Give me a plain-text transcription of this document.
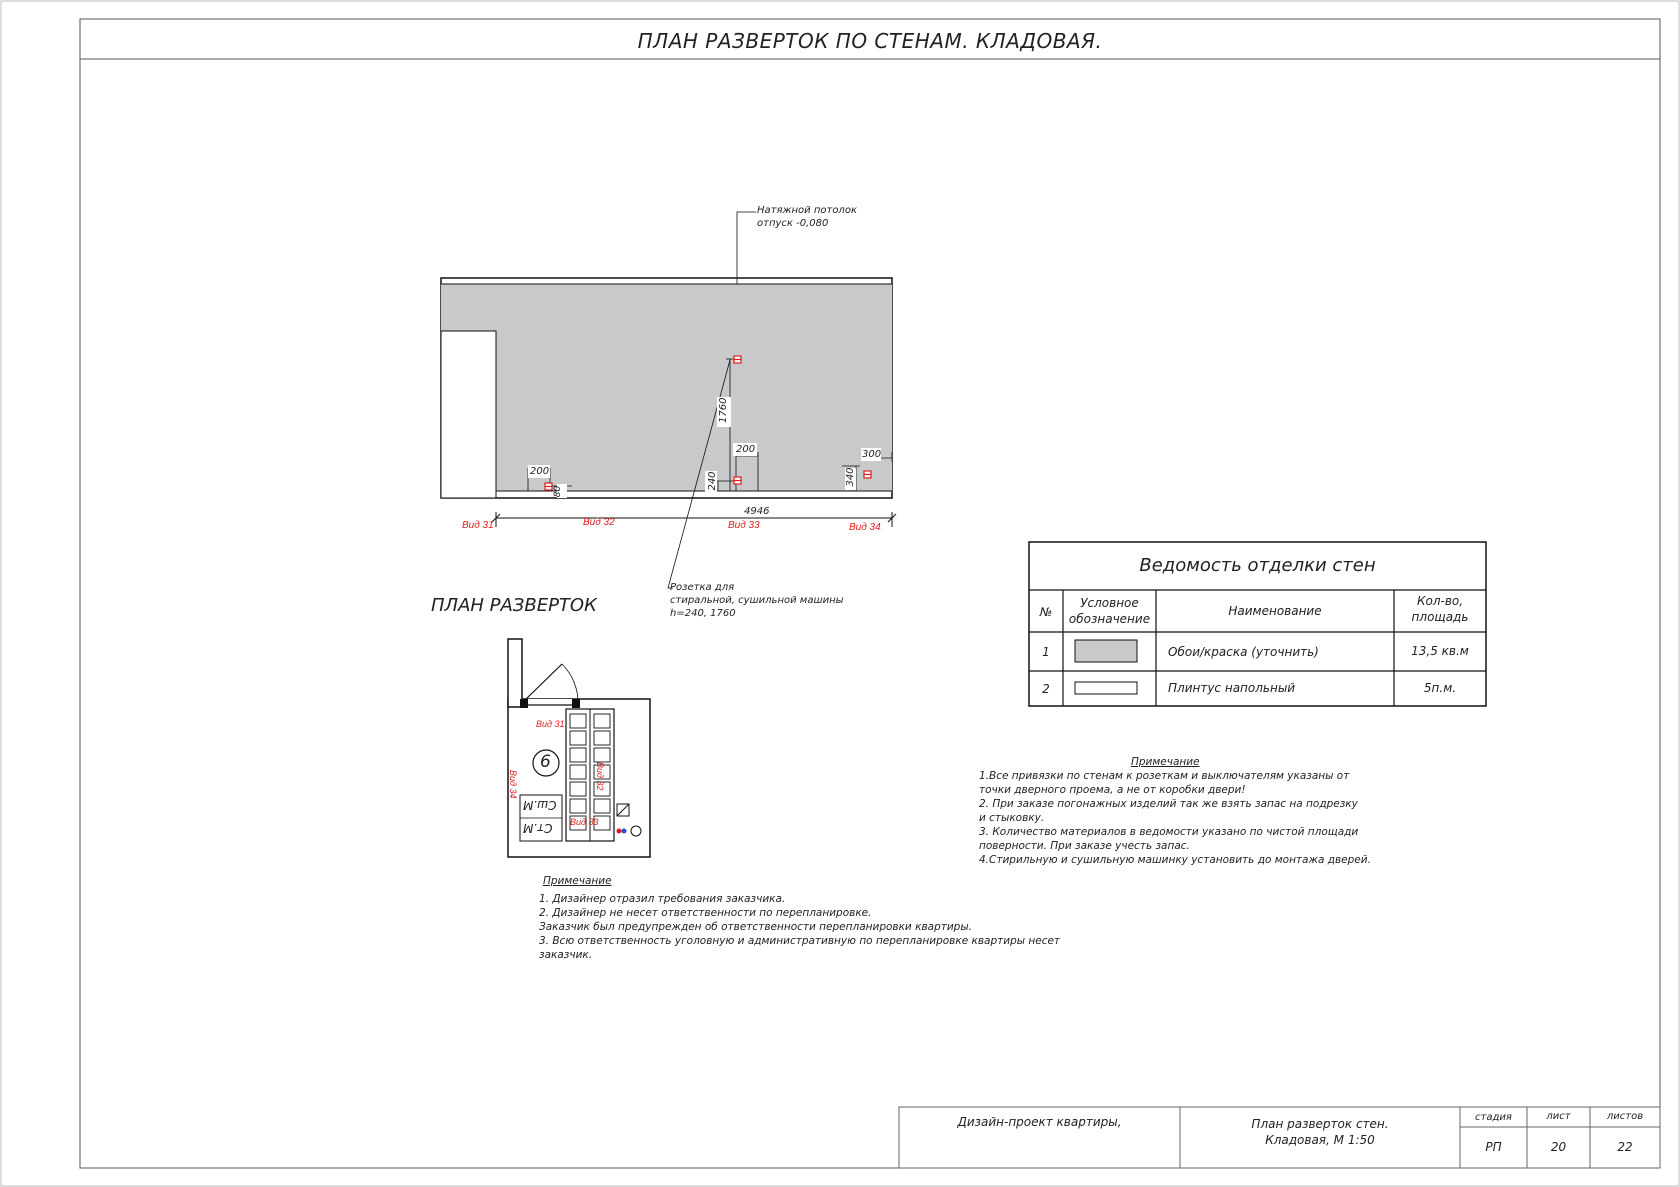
ПЛАН РАЗВЕРТОК ПО СТЕНАМ. КЛАДОВАЯ.
Натяжной потолок
отпуск -0,080
Розетка для
стиральной, сушильной машины
h=240, 1760
1760
200
80
240
200	300
340
4946
Вид 31	Вид 32	Вид 33	Вид 34
ПЛАН РАЗВЕРТОК
6
Вид 31
Вид 33
Вид 34	Вид 32
Ст.М
Сш.М
Ведомость отделки стен
№
Условное
обозначение
Наименование
Кол-во,
площадь
1	Обои/краска (уточнить)	13,5 кв.м
2	Плинтус напольный	5п.м.
Примечание
1.Все привязки по стенам к розеткам и выключателям указаны от
точки дверного проема, а не от коробки двери!
2. При заказе погонажных изделий так же взять запас на подрезку
и стыковку.
3. Количество материалов в ведомости указано по чистой площади
поверности. При заказе учесть запас.
4.Стирильную и сушильную машинку установить до монтажа дверей.
Примечание
1. Дизайнер отразил требования заказчика.
2. Дизайнер не несет ответственности по перепланировке.
Заказчик был предупрежден об ответственности перепланировки квартиры.
3. Всю ответственность уголовную и административную по перепланировке квартиры несет
заказчик.
Дизайн-проект квартиры,	План разверток стен.
Кладовая, М 1:50
стадия	лист	листов
РП	20	22
